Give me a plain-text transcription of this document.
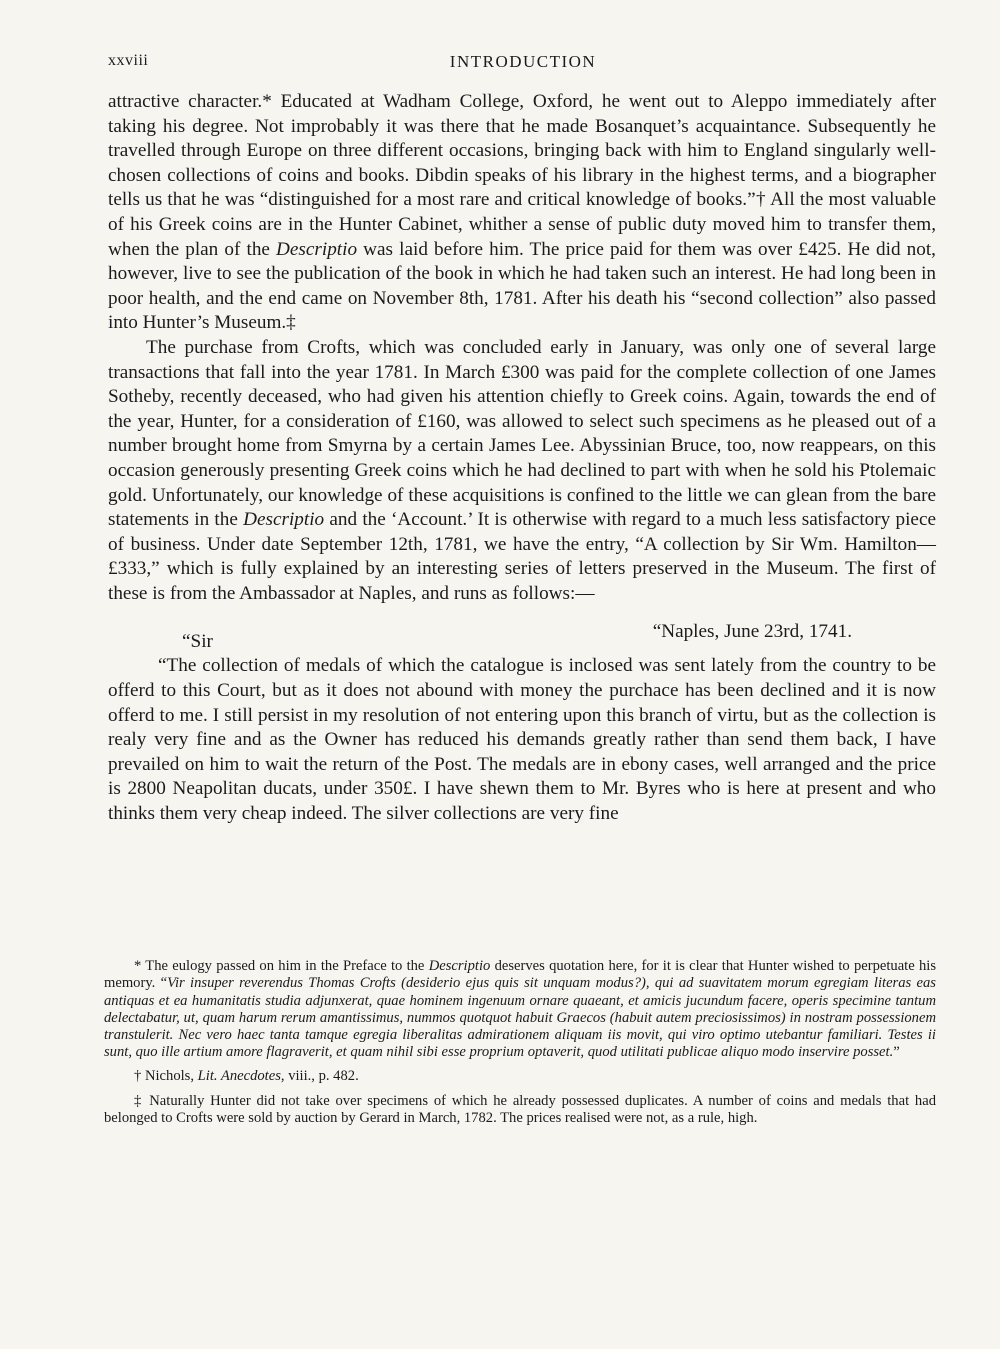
xxviii	INTRODUCTION

attractive character.* Educated at Wadham College, Oxford, he went out to Aleppo immediately after taking his degree. Not improbably it was there that he made Bosanquet’s acquaintance. Subsequently he travelled through Europe on three different occasions, bringing back with him to England singularly well-chosen collections of coins and books. Dibdin speaks of his library in the highest terms, and a biographer tells us that he was “distinguished for a most rare and critical knowledge of books.”† All the most valuable of his Greek coins are in the Hunter Cabinet, whither a sense of public duty moved him to transfer them, when the plan of the Descriptio was laid before him. The price paid for them was over £425. He did not, however, live to see the publication of the book in which he had taken such an interest. He had long been in poor health, and the end came on November 8th, 1781. After his death his “second collection” also passed into Hunter’s Museum.‡

The purchase from Crofts, which was concluded early in January, was only one of several large transactions that fall into the year 1781. In March £300 was paid for the complete collection of one James Sotheby, recently deceased, who had given his attention chiefly to Greek coins. Again, towards the end of the year, Hunter, for a consideration of £160, was allowed to select such specimens as he pleased out of a number brought home from Smyrna by a certain James Lee. Abyssinian Bruce, too, now reappears, on this occasion generously presenting Greek coins which he had declined to part with when he sold his Ptolemaic gold. Unfortunately, our knowledge of these acquisitions is confined to the little we can glean from the bare statements in the Descriptio and the ‘Account.’ It is otherwise with regard to a much less satisfactory piece of business. Under date September 12th, 1781, we have the entry, “A collection by Sir Wm. Hamilton—£333,” which is fully explained by an interesting series of letters preserved in the Museum. The first of these is from the Ambassador at Naples, and runs as follows:—

“Sir	“Naples, June 23rd, 1741.

“The collection of medals of which the catalogue is inclosed was sent lately from the country to be offerd to this Court, but as it does not abound with money the purchace has been declined and it is now offerd to me. I still persist in my resolution of not entering upon this branch of virtu, but as the collection is realy very fine and as the Owner has reduced his demands greatly rather than send them back, I have prevailed on him to wait the return of the Post. The medals are in ebony cases, well arranged and the price is 2800 Neapolitan ducats, under 350£. I have shewn them to Mr. Byres who is here at present and who thinks them very cheap indeed. The silver collections are very fine

* The eulogy passed on him in the Preface to the Descriptio deserves quotation here, for it is clear that Hunter wished to perpetuate his memory. “Vir insuper reverendus Thomas Crofts (desiderio ejus quis sit unquam modus?), qui ad suavitatem morum egregiam literas eas antiquas et ea humanitatis studia adjunxerat, quae hominem ingenuum ornare quaeant, et amicis jucundum facere, operis specimine tantum delectabatur, ut, quam harum rerum amantissimus, nummos quotquot habuit Graecos (habuit autem preciosissimos) in nostram possessionem transtulerit. Nec vero haec tanta tamque egregia liberalitas admirationem aliquam iis movit, qui viro optimo utebantur familiari. Testes ii sunt, quo ille artium amore flagraverit, et quam nihil sibi esse proprium optaverit, quod utilitati publicae aliquo modo inservire posset.”

† Nichols, Lit. Anecdotes, viii., p. 482.

‡ Naturally Hunter did not take over specimens of which he already possessed duplicates. A number of coins and medals that had belonged to Crofts were sold by auction by Gerard in March, 1782. The prices realised were not, as a rule, high.
